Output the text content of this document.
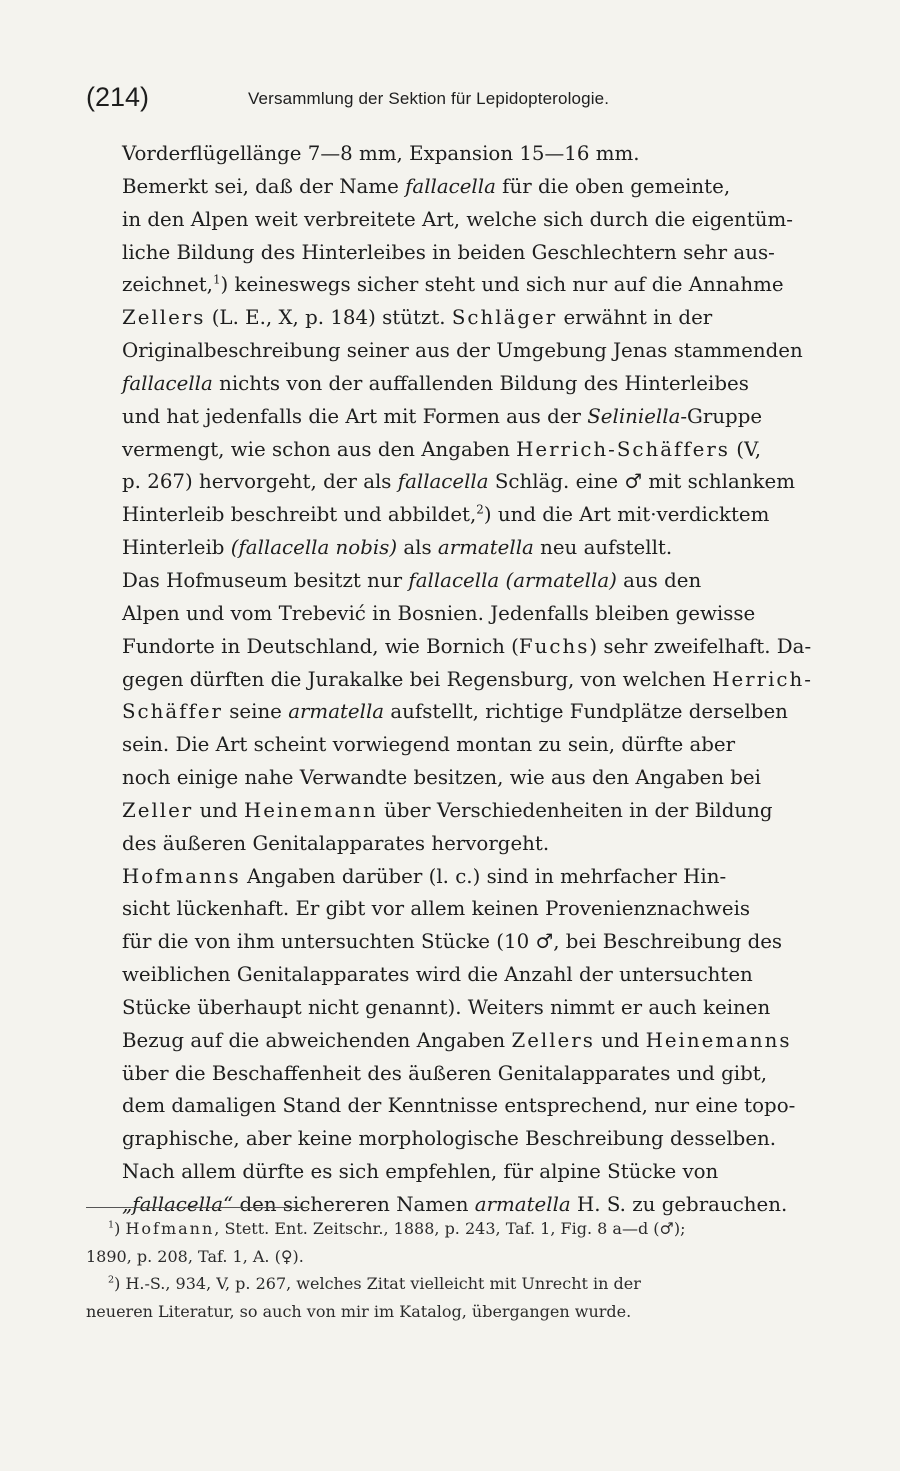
(214)	Versammlung der Sektion für Lepidopterologie.

Vorderflügellänge 7—8 mm, Expansion 15—16 mm.

Bemerkt sei, daß der Name fallacella für die oben gemeinte,
in den Alpen weit verbreitete Art, welche sich durch die eigentüm-
liche Bildung des Hinterleibes in beiden Geschlechtern sehr aus-
zeichnet,$^1$) keineswegs sicher steht und sich nur auf die Annahme
Zellers (L. E., X, p. 184) stützt. Schläger erwähnt in der
Originalbeschreibung seiner aus der Umgebung Jenas stammenden
fallacella nichts von der auffallenden Bildung des Hinterleibes
und hat jedenfalls die Art mit Formen aus der Seliniella-Gruppe
vermengt, wie schon aus den Angaben Herrich-Schäffers (V,
p. 267) hervorgeht, der als fallacella Schläg. eine ♂ mit schlankem
Hinterleib beschreibt und abbildet,$^2$) und die Art mit·verdicktem
Hinterleib (fallacella nobis) als armatella neu aufstellt.

Das Hofmuseum besitzt nur fallacella (armatella) aus den
Alpen und vom Trebević in Bosnien. Jedenfalls bleiben gewisse
Fundorte in Deutschland, wie Bornich (Fuchs) sehr zweifelhaft. Da-
gegen dürften die Jurakalke bei Regensburg, von welchen Herrich-
Schäffer seine armatella aufstellt, richtige Fundplätze derselben
sein. Die Art scheint vorwiegend montan zu sein, dürfte aber
noch einige nahe Verwandte besitzen, wie aus den Angaben bei
Zeller und Heinemann über Verschiedenheiten in der Bildung
des äußeren Genitalapparates hervorgeht.

Hofmanns Angaben darüber (l. c.) sind in mehrfacher Hin-
sicht lückenhaft. Er gibt vor allem keinen Provenienznachweis
für die von ihm untersuchten Stücke (10 ♂, bei Beschreibung des
weiblichen Genitalapparates wird die Anzahl der untersuchten
Stücke überhaupt nicht genannt). Weiters nimmt er auch keinen
Bezug auf die abweichenden Angaben Zellers und Heinemanns
über die Beschaffenheit des äußeren Genitalapparates und gibt,
dem damaligen Stand der Kenntnisse entsprechend, nur eine topo-
graphische, aber keine morphologische Beschreibung desselben.

Nach allem dürfte es sich empfehlen, für alpine Stücke von
„fallacella“ den sichereren Namen armatella H. S. zu gebrauchen.

$^1$) Hofmann, Stett. Ent. Zeitschr., 1888, p. 243, Taf. 1, Fig. 8 a—d (♂);
1890, p. 208, Taf. 1, A. (♀).

$^2$) H.-S., 934, V, p. 267, welches Zitat vielleicht mit Unrecht in der
neueren Literatur, so auch von mir im Katalog, übergangen wurde.
